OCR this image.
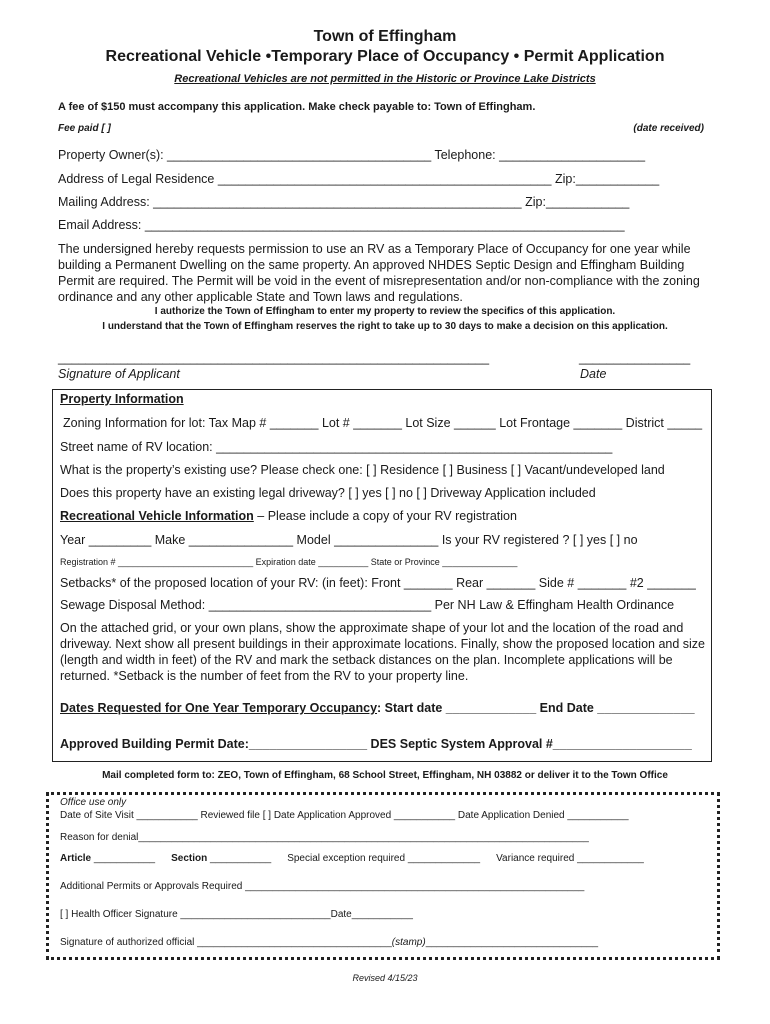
Town of Effingham
Recreational Vehicle •Temporary Place of Occupancy • Permit Application
Recreational Vehicles are not permitted in the Historic or Province Lake Districts
A fee of $150 must accompany this application. Make check payable to: Town of Effingham.
Fee paid [ ]	(date received)
Property Owner(s): ______________________________________ Telephone: _____________________
Address of Legal Residence ________________________________________________ Zip:____________
Mailing Address: _____________________________________________________ Zip:____________
Email Address: _____________________________________________________________________
The undersigned hereby requests permission to use an RV as a Temporary Place of Occupancy for one year while
building a Permanent Dwelling on the same property. An approved NHDES Septic Design and Effingham Building
Permit are required. The Permit will be void in the event of misrepresentation and/or non-compliance with the zoning
ordinance and any other applicable State and Town laws and regulations.
I authorize the Town of Effingham to enter my property to review the specifics of this application.
I understand that the Town of Effingham reserves the right to take up to 30 days to make a decision on this application.
______________________________________________________________	________________
Signature of Applicant	Date
Property Information
Zoning Information for lot: Tax Map # _______ Lot # _______ Lot Size ______ Lot Frontage _______ District _____
Street name of RV location: _________________________________________________________
What is the property’s existing use? Please check one: [ ] Residence [ ] Business [ ] Vacant/undeveloped land
Does this property have an existing legal driveway? [ ] yes [ ] no [ ] Driveway Application included
Recreational Vehicle Information – Please include a copy of your RV registration
Year _________ Make _______________ Model _______________ Is your RV registered ? [ ] yes [ ] no
Registration # ___________________________ Expiration date __________ State or Province _______________
Setbacks* of the proposed location of your RV: (in feet): Front _______ Rear _______ Side # _______ #2 _______
Sewage Disposal Method: ________________________________ Per NH Law & Effingham Health Ordinance
On the attached grid, or your own plans, show the approximate shape of your lot and the location of the road and
driveway. Next show all present buildings in their approximate locations. Finally, show the proposed location and size
(length and width in feet) of the RV and mark the setback distances on the plan. Incomplete applications will be
returned. *Setback is the number of feet from the RV to your property line.
Dates Requested for One Year Temporary Occupancy: Start date _____________ End Date ______________
Approved Building Permit Date:_________________ DES Septic System Approval #____________________
Mail completed form to: ZEO, Town of Effingham, 68 School Street, Effingham, NH 03882 or deliver it to the Town Office
Office use only
Date of Site Visit ___________ Reviewed file [ ] Date Application Approved ___________ Date Application Denied ___________
Reason for denial_________________________________________________________________________________
Article ___________ Section ___________ Special exception required _____________ Variance required ____________
Additional Permits or Approvals Required _____________________________________________________________
[ ] Health Officer Signature ___________________________Date___________
Signature of authorized official ___________________________________(stamp)_______________________________
Revised 4/15/23
